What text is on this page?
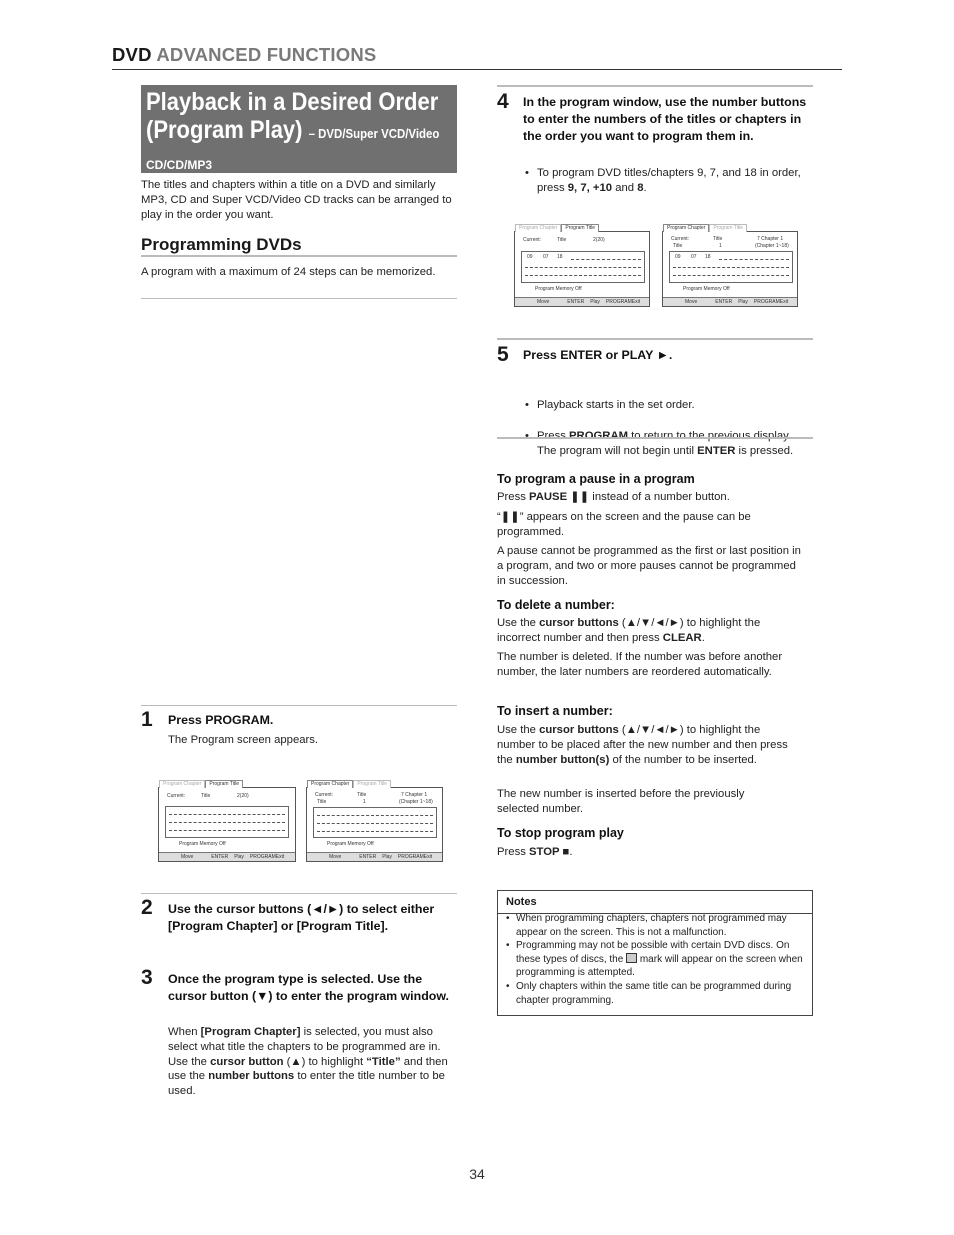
DVD ADVANCED FUNCTIONS
Playback in a Desired Order
(Program Play) – DVD/Super VCD/Video
CD/CD/MP3

The titles and chapters within a title on a DVD and similarly MP3, CD and Super VCD/Video CD tracks can be arranged to play in the order you want.

Programming DVDs

A program with a maximum of 24 steps can be memorized.

1 Press PROGRAM.

The Program screen appears.

Program Chapter	Program Title
Current:	Title	2(20)
Program Memory Off
Move	ENTER Play PROGRAMExit
Program Chapter	Program Title
Current:	Title	7 Chapter 1
Title	1	(Chapter 1~18)
Program Memory Off
Move	ENTER Play PROGRAMExit
2 Use the cursor buttons (◄/►) to select either [Program Chapter] or [Program Title].
3 Once the program type is selected. Use the cursor button (▼) to enter the program window.

When [Program Chapter] is selected, you must also select what title the chapters to be programmed are in. Use the cursor button (▲) to highlight “Title” and then use the number buttons to enter the title number to be used.

4 In the program window, use the number buttons to enter the numbers of the titles or chapters in the order you want to program them in.
• To program DVD titles/chapters 9, 7, and 18 in order, press 9, 7, +10 and 8.
Program Chapter	Program Title
Current:	Title	2(20)
09 07 18
Program Memory Off
Move	ENTER Play PROGRAMExit
Program Chapter	Program Title
Current:	Title	7 Chapter 1
Title	1	(Chapter 1~18)
09 07 18
Program Memory Off
Move	ENTER Play PROGRAMExit
5 Press ENTER or PLAY ►.
• Playback starts in the set order.
• The program will not begin until ENTER is pressed.
To program a pause in a program

Press PAUSE ❚❚ instead of a number button.

“❚❚” appears on the screen and the pause can be programmed.

A pause cannot be programmed as the first or last position in a program, and two or more pauses cannot be programmed in succession.

To delete a number:

Use the cursor buttons (▲/▼/◄/►) to highlight the incorrect number and then press CLEAR.

The number is deleted. If the number was before another number, the later numbers are reordered automatically.

To insert a number:

Use the cursor buttons (▲/▼/◄/►) to highlight the number to be placed after the new number and then press the number button(s) of the number to be inserted.

The new number is inserted before the previously selected number.

To stop program play

Press STOP ■.

Notes
• When programming chapters, chapters not programmed may appear on the screen. This is not a malfunction.
• Programming may not be possible with certain DVD discs. On these types of discs, the  mark will appear on the screen when programming is attempted.
• Only chapters within the same title can be programmed during chapter programming.
34
